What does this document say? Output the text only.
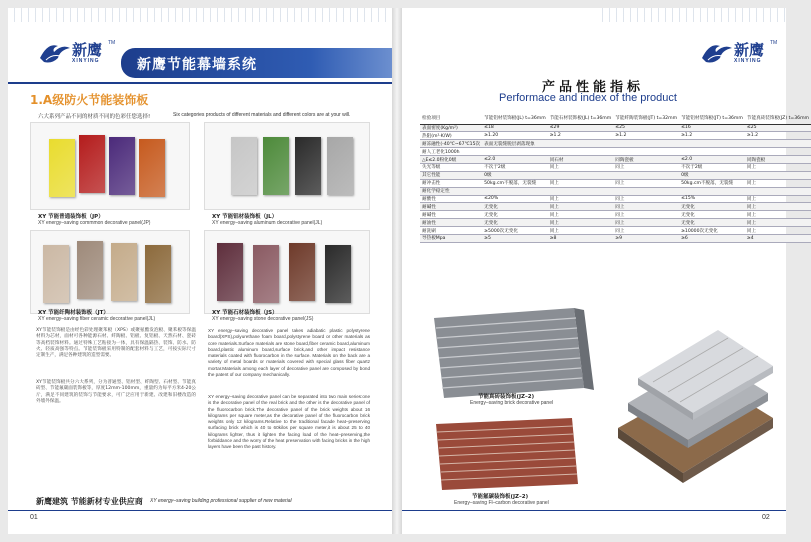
新鹰
XINYING
TM
新鹰节能幕墙系统
1.A级防火节能装饰板
六大系列产品不同的材质不同的色彩任您选择!	Six categories products of different materials and different colors are at your will.
XY 节能普通装饰板（JP）
XY energy–saving commmon decorative panel(JP)
XY 节能铝材装饰板（JL）
XY energy–saving aluminum decorative panel(JL)
XY 节能纤陶材装饰板（JT）
XY energy–saving fiber ceramic decorative panel(JL)
XY 节能石材装饰板（JS）
XY energy–saving stone decorative panel(JS)
XY节能装饰板是由经色彩处理聚苯板（XPS）或聚氨酯发泡板、聚苯板等保温材料为芯材，面材可各种能源石材、纤陶板、铝板、复铝板、天然石材、瓷砖等高档装饰材料。通过特殊工艺粘接为一体，具有保温隔热、装饰、防水、防火、轻质高强等特点。节能装饰板采用特制的配套材料与工艺，可按实际尺寸定制生产，满足各种建筑的造型需要。
XY节能装饰板共分六大系列，分为普通型、铝材型、纤陶型、石材型、节能真砖型、节能氟碳面装饰板等，厚度12mm-100mm，重量约为每平方米4-20公斤，满足不同建筑的装饰与节能要求，可广泛应用于新建、改建和旧楼改造的外墙外保温。
XY energy–saving decorative panel takes adiabatic plastic polystyrene board(XPS),polyurethane foam board,polystyrene board or other materials as core materials.Surface materials are stone board,fiber ceramic board,aluminum board,plastic aluminum board,surface brick,and other impact resistance materials coated with fluorocarbon in the surface. Materials on the back are a variety of metal boards or materials covered with special glass fiber quartz mortar.Materials among each layer of decorative panel are composed by bond the patent of our company mechanically.
XY energy–saving decorative panel can be separated into two main series:one is the decorative panel of the real brick and the other is the decorative panel of the fluorocarbon brick.The decorative panel of the brick weights about 16 kilograms per square meter,as the decorative panel of the fluorocarbon brick weights only 12 kilograms.Relative to the traditional facade heat–preserving surfacing brick which is 40 to 60kilos per square meter,it is about 25 to 40 kilograms lighter, thus it lighten the facing load of the heat–preserving,the forbiddance and the worry of the heat preservation with facing bricks in the high layers have been the past history.
新鹰建筑 节能新材专业供应商 XY energy–saving building professional supplier of new material
01
新鹰
XINYING
TM
产品性能指标
Performace and index of the product
检验项目	节能铝材装饰板(JL) t=36mm	节能石材装饰板(JL) t=36mm	节能纤陶装饰板(JT) t=32mm	节能铝材装饰板(JT) t=36mm	节能真砖装饰板(JZ) t=36mm
表面密度(Kg/m²)	≤18	≤29	≤25	≤16	≤25
热阻(m²·K/W)	≥1.20	≥1.2	≥1.2	≥1.2	≥1.2
耐冻融性(-40℃~67℃15次	表面无裂缝脱层剥落现象				
耐人工老化1000h					
△E≤2.0粉化0级	≤2.0	同石材	同陶瓷板	≤2.0	同陶瓷板
失光等级	不次于2级	同上	同上	不次于2级	同上
其它性能	0级			0级	
耐冲击性	50kg.cm不脱落，无裂缝	同上	同上	50kg.cm不脱落，无裂缝	同上
耐化学稳定性					
耐酸性	≤20%	同上	同上	≤15%	同上
耐碱性	无变化	同上	同上	无变化	同上
耐碱性	无变化	同上	同上	无变化	同上
耐油性	无变化	同上	同上	无变化	同上
耐洗刷	≥5000次无变化	同上	同上	≥10000次无变化	同上
导热板Mpa	≥5	≥8	≥9	≥6	≥4
节能真砖装饰板(JZ–2)
Energy–saving brick decorative panel
节能氟碳装饰板(JZ–2)
Energy–saving Fl–carbon decorative panel
02
